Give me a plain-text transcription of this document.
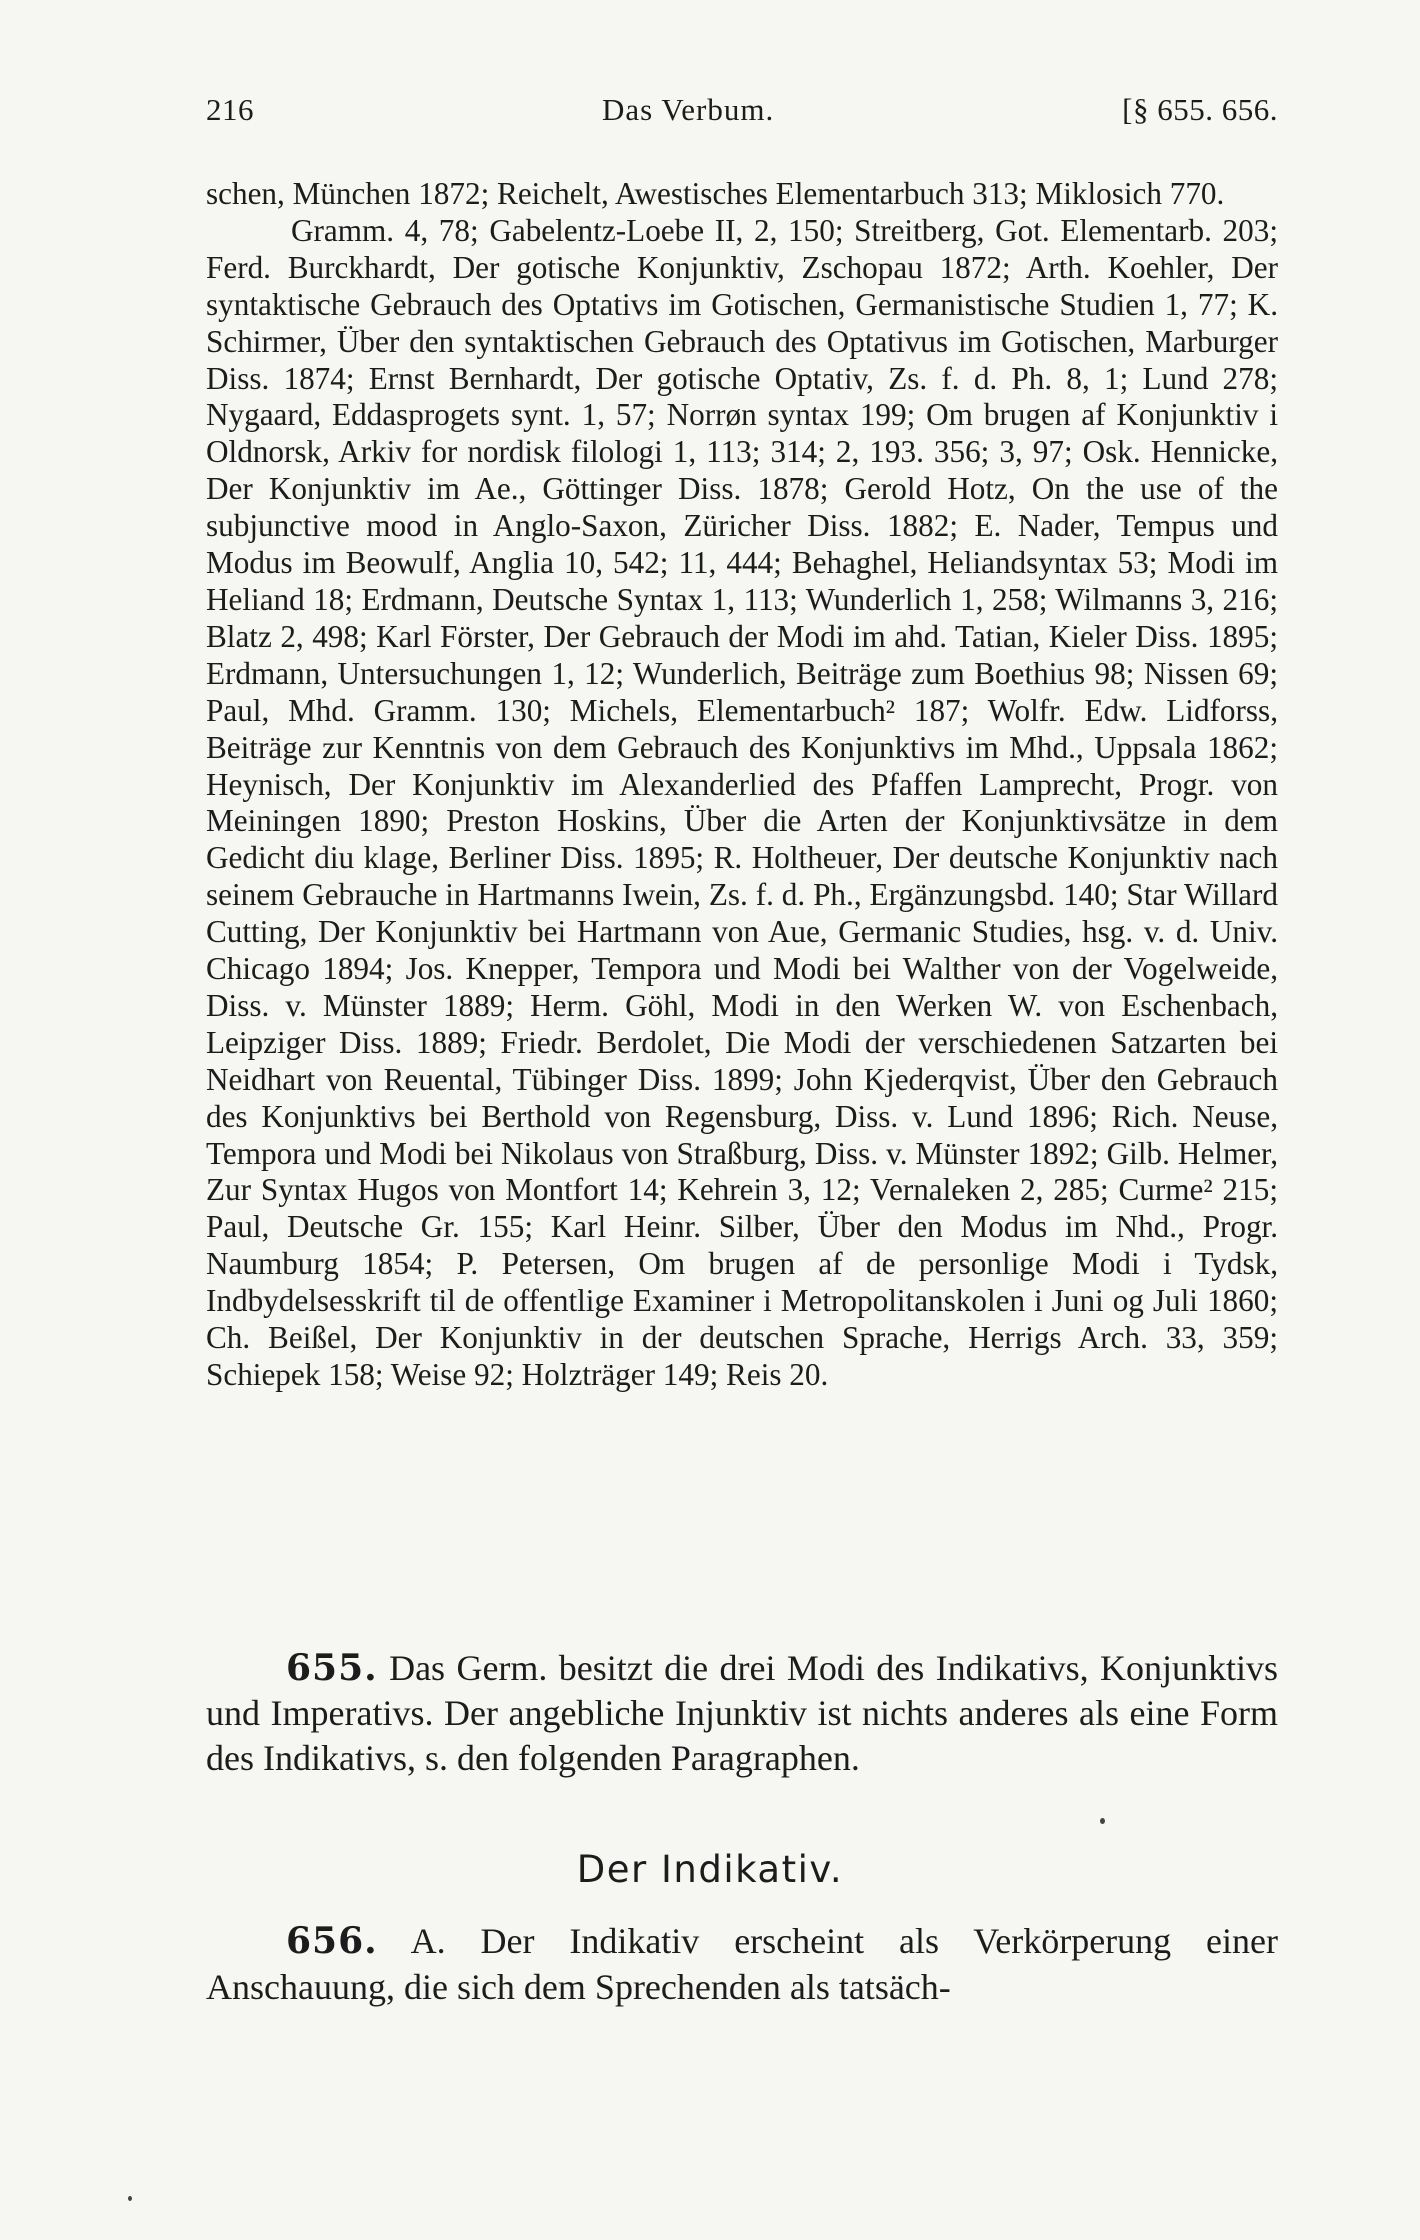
216	Das Verbum.	[§ 655. 656.

schen, München 1872; Reichelt, Awestisches Elementarbuch 313; Miklosich 770.

Gramm. 4, 78; Gabelentz-Loebe II, 2, 150; Streitberg, Got. Elementarb. 203; Ferd. Burckhardt, Der gotische Konjunktiv, Zschopau 1872; Arth. Koehler, Der syntaktische Gebrauch des Optativs im Gotischen, Germanistische Studien 1, 77; K. Schirmer, Über den syntaktischen Gebrauch des Optativus im Gotischen, Marburger Diss. 1874; Ernst Bernhardt, Der gotische Optativ, Zs. f. d. Ph. 8, 1; Lund 278; Nygaard, Eddasprogets synt. 1, 57; Norrøn syntax 199; Om brugen af Konjunktiv i Oldnorsk, Arkiv for nordisk filologi 1, 113; 314; 2, 193. 356; 3, 97; Osk. Hennicke, Der Konjunktiv im Ae., Göttinger Diss. 1878; Gerold Hotz, On the use of the subjunctive mood in Anglo-Saxon, Züricher Diss. 1882; E. Nader, Tempus und Modus im Beowulf, Anglia 10, 542; 11, 444; Behaghel, Heliandsyntax 53; Modi im Heliand 18; Erdmann, Deutsche Syntax 1, 113; Wunderlich 1, 258; Wilmanns 3, 216; Blatz 2, 498; Karl Förster, Der Gebrauch der Modi im ahd. Tatian, Kieler Diss. 1895; Erdmann, Untersuchungen 1, 12; Wunderlich, Beiträge zum Boethius 98; Nissen 69; Paul, Mhd. Gramm. 130; Michels, Elementarbuch² 187; Wolfr. Edw. Lidforss, Beiträge zur Kenntnis von dem Gebrauch des Konjunktivs im Mhd., Uppsala 1862; Heynisch, Der Konjunktiv im Alexanderlied des Pfaffen Lamprecht, Progr. von Meiningen 1890; Preston Hoskins, Über die Arten der Konjunktivsätze in dem Gedicht diu klage, Berliner Diss. 1895; R. Holtheuer, Der deutsche Konjunktiv nach seinem Gebrauche in Hartmanns Iwein, Zs. f. d. Ph., Ergänzungsbd. 140; Star Willard Cutting, Der Konjunktiv bei Hartmann von Aue, Germanic Studies, hsg. v. d. Univ. Chicago 1894; Jos. Knepper, Tempora und Modi bei Walther von der Vogelweide, Diss. v. Münster 1889; Herm. Göhl, Modi in den Werken W. von Eschenbach, Leipziger Diss. 1889; Friedr. Berdolet, Die Modi der verschiedenen Satzarten bei Neidhart von Reuental, Tübinger Diss. 1899; John Kjederqvist, Über den Gebrauch des Konjunktivs bei Berthold von Regensburg, Diss. v. Lund 1896; Rich. Neuse, Tempora und Modi bei Nikolaus von Straßburg, Diss. v. Münster 1892; Gilb. Helmer, Zur Syntax Hugos von Montfort 14; Kehrein 3, 12; Vernaleken 2, 285; Curme² 215; Paul, Deutsche Gr. 155; Karl Heinr. Silber, Über den Modus im Nhd., Progr. Naumburg 1854; P. Petersen, Om brugen af de personlige Modi i Tydsk, Indbydelsesskrift til de offentlige Examiner i Metropolitanskolen i Juni og Juli 1860; Ch. Beißel, Der Konjunktiv in der deutschen Sprache, Herrigs Arch. 33, 359; Schiepek 158; Weise 92; Holzträger 149; Reis 20.

655. Das Germ. besitzt die drei Modi des Indikativs, Konjunktivs und Imperativs. Der angebliche Injunktiv ist nichts anderes als eine Form des Indikativs, s. den folgenden Paragraphen.

Der Indikativ.

656. A. Der Indikativ erscheint als Verkörperung einer Anschauung, die sich dem Sprechenden als tatsäch-
